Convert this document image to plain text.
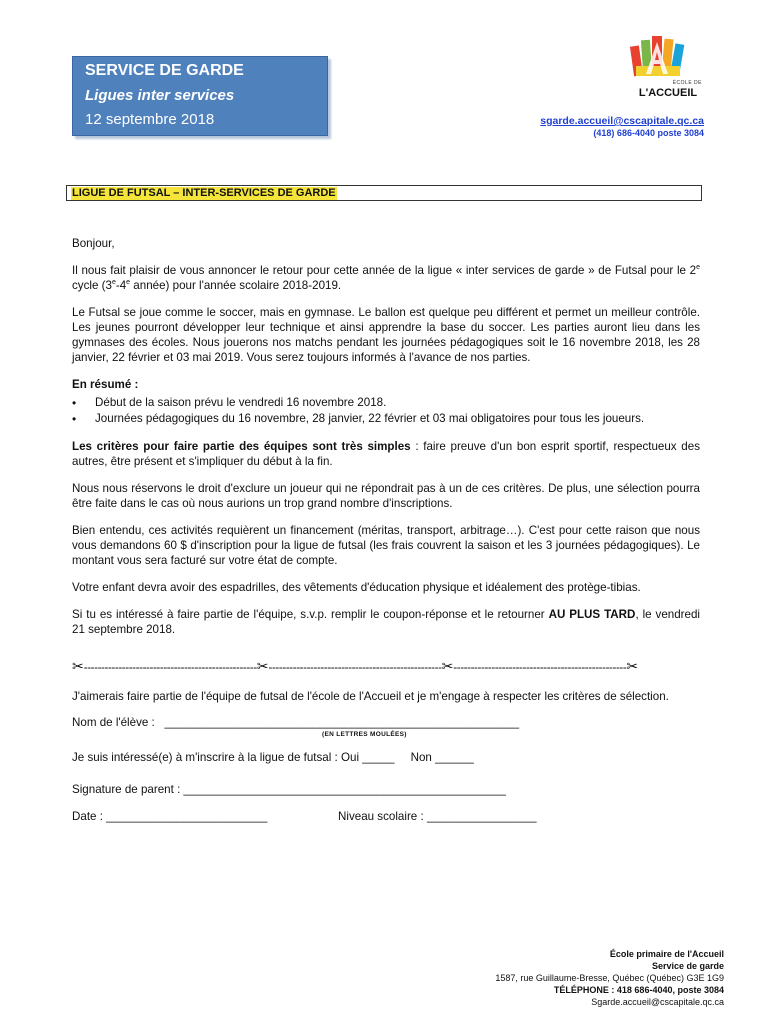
SERVICE DE GARDE
Ligues inter services
12 septembre 2018
ÉCOLE DE
L'ACCUEIL
sgarde.accueil@cscapitale.qc.ca
(418) 686-4040 poste 3084
LIGUE DE FUTSAL – INTER-SERVICES DE GARDE

Bonjour,

Il nous fait plaisir de vous annoncer le retour pour cette année de la ligue « inter services de garde » de Futsal pour le 2e cycle (3e-4e année) pour l'année scolaire 2018-2019.

Le Futsal se joue comme le soccer, mais en gymnase. Le ballon est quelque peu différent et permet un meilleur contrôle. Les jeunes pourront développer leur technique et ainsi apprendre la base du soccer. Les parties auront lieu dans les gymnases des écoles. Nous jouerons nos matchs pendant les journées pédagogiques soit le 16 novembre 2018, les 28 janvier, 22 février et 03 mai 2019. Vous serez toujours informés à l'avance de nos parties.

En résumé :

• Début de la saison prévu le vendredi 16 novembre 2018.
• Journées pédagogiques du 16 novembre, 28 janvier, 22 février et 03 mai obligatoires pour tous les joueurs.

Les critères pour faire partie des équipes sont très simples : faire preuve d'un bon esprit sportif, respectueux des autres, être présent et s'impliquer du début à la fin.

Nous nous réservons le droit d'exclure un joueur qui ne répondrait pas à un de ces critères. De plus, une sélection pourra être faite dans le cas où nous aurions un trop grand nombre d'inscriptions.

Bien entendu, ces activités requièrent un financement (méritas, transport, arbitrage…). C'est pour cette raison que nous vous demandons 60 $ d'inscription pour la ligue de futsal (les frais couvrent la saison et les 3 journées pédagogiques). Le montant vous sera facturé sur votre état de compte.

Votre enfant devra avoir des espadrilles, des vêtements d'éducation physique et idéalement des protège-tibias.

Si tu es intéressé à faire partie de l'équipe, s.v.p. remplir le coupon-réponse et le retourner AU PLUS TARD, le vendredi 21 septembre 2018.

✂--------------------------------------------------✂--------------------------------------------------✂--------------------------------------------------✂

J'aimerais faire partie de l'équipe de futsal de l'école de l'Accueil et je m'engage à respecter les critères de sélection.

Nom de l'élève : _______________________________________________________
(EN LETTRES MOULÉES)
Je suis intéressé(e) à m'inscrire à la ligue de futsal : Oui _____ Non ______
Signature de parent : __________________________________________________
Date : _________________________	Niveau scolaire : _________________
École primaire de l'Accueil
Service de garde
1587, rue Guillaume-Bresse, Québec (Québec) G3E 1G9
TÉLÉPHONE : 418 686-4040, poste 3084
Sgarde.accueil@cscapitale.qc.ca
